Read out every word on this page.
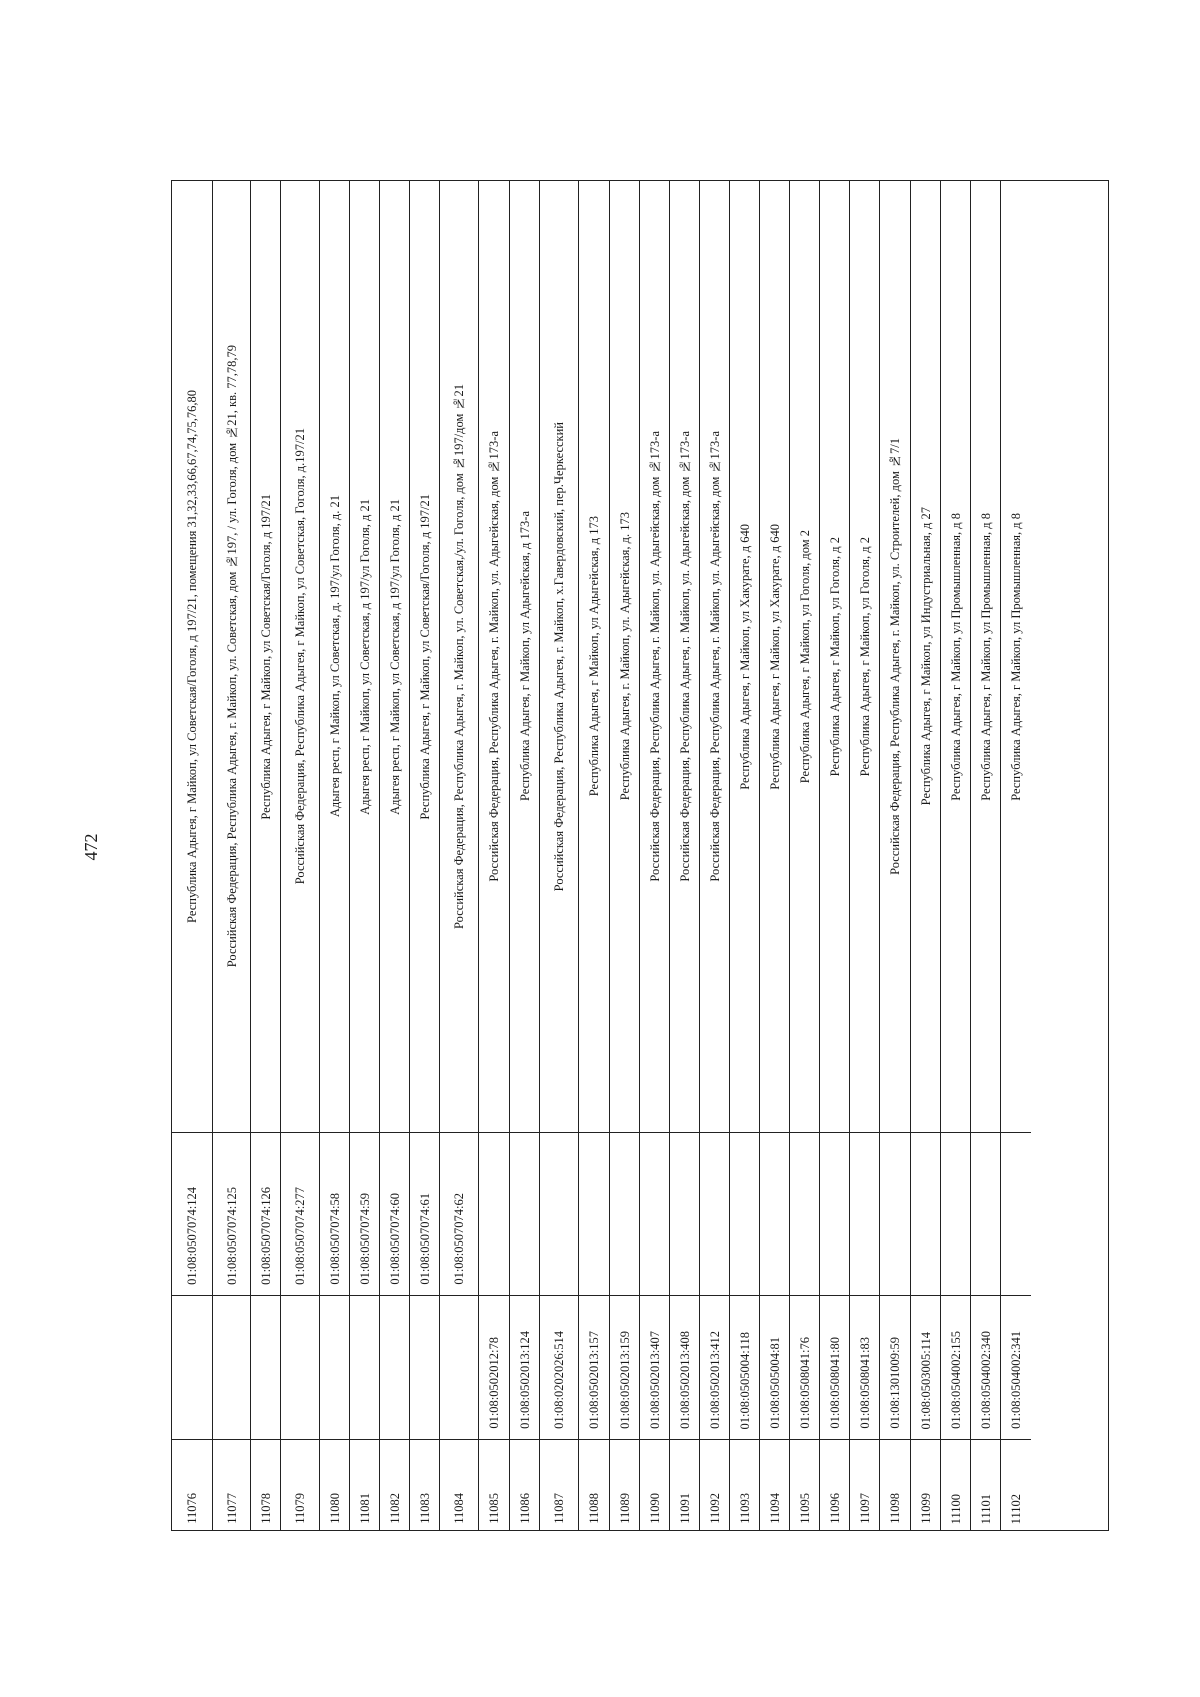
472
11076
01:08:0507074:124
Республика Адыгея, г Майкоп, ул Советская/Гоголя, д 197/21, помещения 31,32,33,66,67,74,75,76,80
11077
01:08:0507074:125
Российская Федерация, Республика Адыгея, г. Майкоп, ул. Советская, дом №197, / ул. Гоголя, дом №21, кв. 77,78,79
11078
01:08:0507074:126
Республика Адыгея, г Майкоп, ул Советская/Гоголя, д 197/21
11079
01:08:0507074:277
Российская Федерация, Республика Адыгея, г Майкоп, ул Советская, Гоголя, д.197/21
11080
01:08:0507074:58
Адыгея респ, г Майкоп, ул Советская, д. 197/ул Гоголя, д. 21
11081
01:08:0507074:59
Адыгея респ, г Майкоп, ул Советская, д 197/ул Гоголя, д 21
11082
01:08:0507074:60
Адыгея респ, г Майкоп, ул Советская, д 197/ул Гоголя, д 21
11083
01:08:0507074:61
Республика Адыгея, г Майкоп, ул Советская/Гоголя, д 197/21
11084
01:08:0507074:62
Российская Федерация, Республика Адыгея, г. Майкоп, ул. Советская,/ул. Гоголя, дом №197/дом №21
11085
01:08:0502012:78
Российская Федерация, Республика Адыгея, г. Майкоп, ул. Адыгейская, дом №173-а
11086
01:08:0502013:124
Республика Адыгея, г Майкоп, ул Адыгейская, д 173-а
11087
01:08:0202026:514
Российская Федерация, Республика Адыгея, г. Майкоп, х.Гавердовский, пер.Черкесский
11088
01:08:0502013:157
Республика Адыгея, г Майкоп, ул Адыгейская, д 173
11089
01:08:0502013:159
Республика Адыгея, г. Майкоп, ул. Адыгейская, д. 173
11090
01:08:0502013:407
Российская Федерация, Республика Адыгея, г. Майкоп, ул. Адыгейская, дом №173-а
11091
01:08:0502013:408
Российская Федерация, Республика Адыгея, г. Майкоп, ул. Адыгейская, дом №173-а
11092
01:08:0502013:412
Российская Федерация, Республика Адыгея, г. Майкоп, ул. Адыгейская, дом №173-а
11093
01:08:0505004:118
Республика Адыгея, г Майкоп, ул Хакурате, д 640
11094
01:08:0505004:81
Республика Адыгея, г Майкоп, ул Хакурате, д 640
11095
01:08:0508041:76
Республика Адыгея, г Майкоп, ул Гоголя, дом 2
11096
01:08:0508041:80
Республика Адыгея, г Майкоп, ул Гоголя, д 2
11097
01:08:0508041:83
Республика Адыгея, г Майкоп, ул Гоголя, д 2
11098
01:08:1301009:59
Российская Федерация, Республика Адыгея, г. Майкоп, ул. Строителей, дом №7/1
11099
01:08:0503005:114
Республика Адыгея, г Майкоп, ул Индустриальная, д 27
11100
01:08:0504002:155
Республика Адыгея, г Майкоп, ул Промышленная, д 8
11101
01:08:0504002:340
Республика Адыгея, г Майкоп, ул Промышленная, д 8
11102
01:08:0504002:341
Республика Адыгея, г Майкоп, ул Промышленная, д 8
